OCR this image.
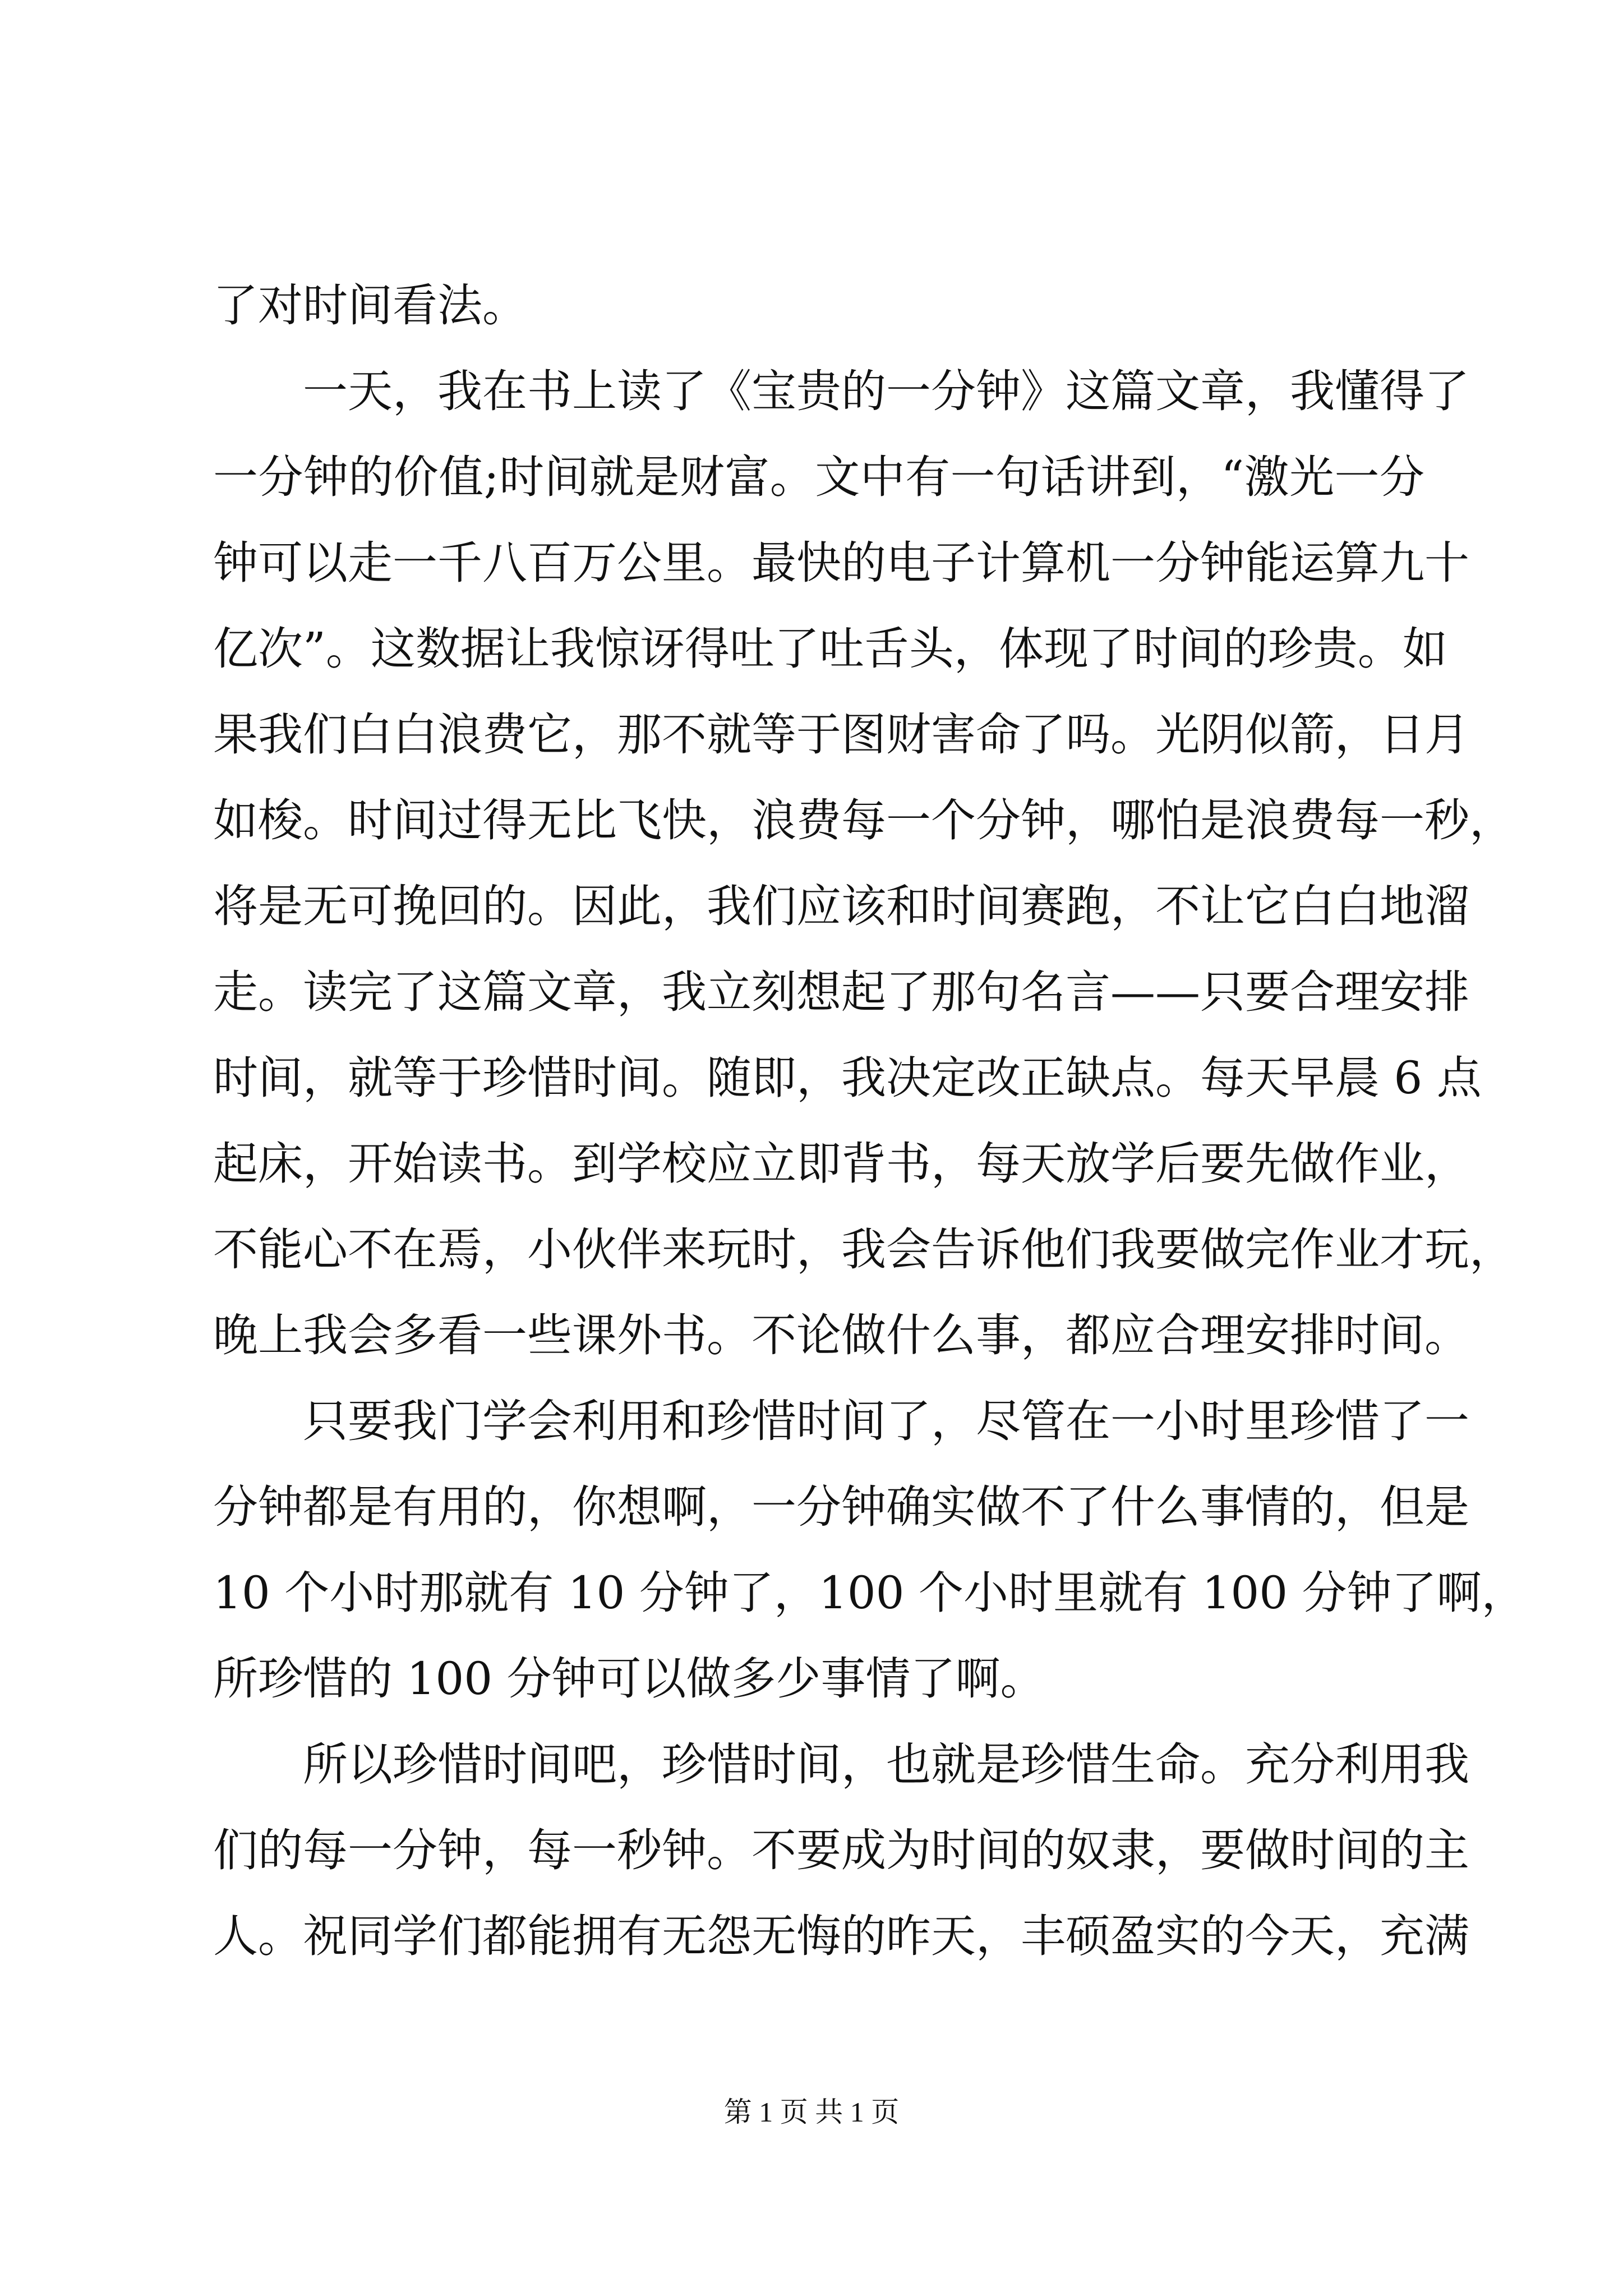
了对时间看法。
　　一天，我在书上读了《宝贵的一分钟》这篇文章，我懂得了
一分钟的价值;时间就是财富。文中有一句话讲到，“激光一分
钟可以走一千八百万公里。最快的电子计算机一分钟能运算九十
亿次”。这数据让我惊讶得吐了吐舌头，体现了时间的珍贵。如
果我们白白浪费它，那不就等于图财害命了吗。光阴似箭，日月
如梭。时间过得无比飞快，浪费每一个分钟，哪怕是浪费每一秒，
将是无可挽回的。因此，我们应该和时间赛跑，不让它白白地溜
走。读完了这篇文章，我立刻想起了那句名言——只要合理安排
时间，就等于珍惜时间。随即，我决定改正缺点。每天早晨 6 点
起床，开始读书。到学校应立即背书，每天放学后要先做作业，
不能心不在焉，小伙伴来玩时，我会告诉他们我要做完作业才玩，
晚上我会多看一些课外书。不论做什么事，都应合理安排时间。
　　只要我门学会利用和珍惜时间了，尽管在一小时里珍惜了一
分钟都是有用的，你想啊，一分钟确实做不了什么事情的，但是
10 个小时那就有 10 分钟了，100 个小时里就有 100 分钟了啊，
所珍惜的 100 分钟可以做多少事情了啊。
　　所以珍惜时间吧，珍惜时间，也就是珍惜生命。充分利用我
们的每一分钟，每一秒钟。不要成为时间的奴隶，要做时间的主
人。祝同学们都能拥有无怨无悔的昨天，丰硕盈实的今天，充满
第 1 页 共 1 页
